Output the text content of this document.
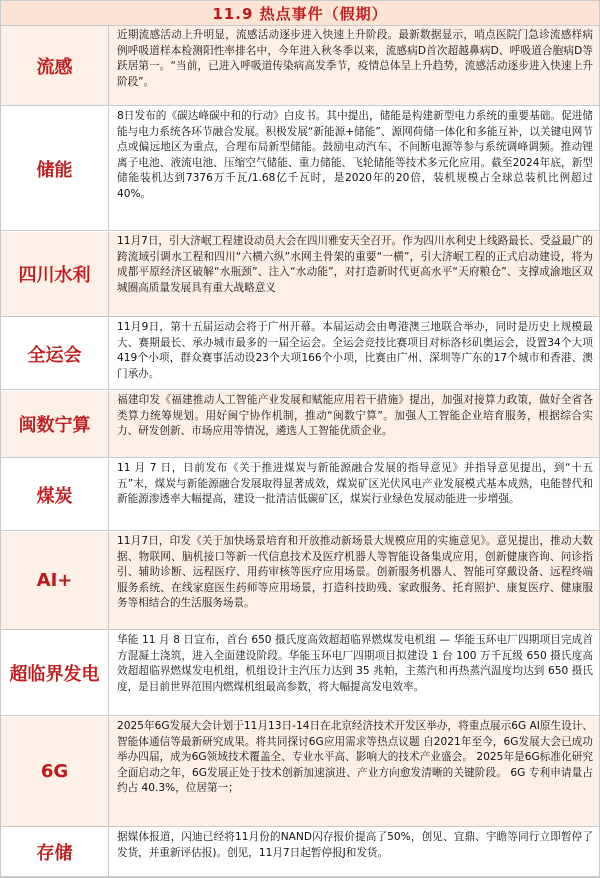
11.9 热点事件（假期）
流感
近期流感活动上升明显，流感活动逐步进入快速上升阶段。最新数据显示，哨点医院门急诊流感样病例呼吸道样本检测阳性率排名中，今年进入秋冬季以来，流感病D首次超越鼻病D、呼吸道合胞病D等跃居第一。“当前，已进入呼吸道传染病高发季节，疫情总体呈上升趋势，流感活动逐步进入快速上升阶段”。
储能
8日发布的《碳达峰碳中和的行动》白皮书。其中提出，储能是构建新型电力系统的重要基础。促进储能与电力系统各环节融合发展。积极发展“新能源+储能”、源网荷储一体化和多能互补，以关键电网节点或偏远地区为重点，合理布局新型储能。鼓励电动汽车、不间断电源等参与系统调峰调频。推动锂离子电池、液流电池、压缩空气储能、重力储能、飞轮储能等技术多元化应用。截至2024年底，新型储能装机达到7376万千瓦/1.68亿千瓦时，是2020年的20倍，装机规模占全球总装机比例超过40%。
四川水利
11月7日，引大济岷工程建设动员大会在四川雅安天全召开。作为四川水利史上线路最长、受益最广的跨流域引调水工程和四川“六横六纵”水网主骨架的重要“一横”，引大济岷工程的正式启动建设，将为成都平原经济区破解“水瓶颈”、注入“水动能”，对打造新时代更高水平“天府粮仓”、支撑成渝地区双城圈高质量发展具有重大战略意义
全运会
11月9日，第十五届运动会将于广州开幕。本届运动会由粤港澳三地联合举办，同时是历史上规模最大、赛期最长、承办城市最多的一届全运会。全运会竞技比赛项目对标洛杉矶奥运会，设置34个大项419个小项，群众赛事活动设23个大项166个小项，比赛由广州、深圳等广东的17个城市和香港、澳门承办。
闽数宁算
福建印发《福建推动人工智能产业发展和赋能应用若干措施》提出，加强对接算力政策，做好全省各类算力统筹规划。用好闽宁协作机制，推动“闽数宁算”。加强人工智能企业培育服务，根据综合实力、研发创新、市场应用等情况，遴选人工智能优质企业。
煤炭
11 月 7 日，日前发布《关于推进煤炭与新能源融合发展的指导意见》并指导意见提出，到“十五五”末，煤炭与新能源融合发展取得显著成效，煤炭矿区光伏风电产业发展模式基本成熟，电能替代和新能源渗透率大幅提高，建设一批清洁低碳矿区，煤炭行业绿色发展动能进一步增强。
AI+
11月7日，印发《关于加快场景培育和开放推动新场景大规模应用的实施意见》。意见提出，推动大数据、物联网、脑机接口等新一代信息技术及医疗机器人等智能设备集成应用，创新健康咨询、问诊指引、辅助诊断、远程医疗、用药审核等医疗应用场景。创新服务机器人、智能可穿戴设备、远程终端服务系统、在线家庭医生药师等应用场景，打造科技助残、家政服务、托育照护、康复医疗、健康服务等相结合的生活服务场景。
超临界发电
华能 11 月 8 日宣布，首台 650 摄氏度高效超超临界燃煤发电机组 — 华能玉环电厂四期项目完成首方混凝土浇筑，进入全面建设阶段。华能玉环电厂四期项目拟建设 1 台 100 万千瓦级 650 摄氏度高效超超临界燃煤发电机组，机组设计主汽压力达到 35 兆帕，主蒸汽和再热蒸汽温度均达到 650 摄氏度，是目前世界范围内燃煤机组最高参数，将大幅提高发电效率。
6G
2025年6G发展大会计划于11月13日-14日在北京经济技术开发区举办，将重点展示6G AI原生设计、智能体通信等最新研究成果。将共同探讨6G应用需求等热点议题 自2021年至今，6G发展大会已成功举办四届，成为6G领域技术覆盖全、专业水平高、影响大的技术产业盛会。 2025年是6G标准化研究全面启动之年，6G发展正处于技术创新加速演进、产业方向愈发清晰的关键阶段。 6G 专利申请量占约占 40.3%，位居第一；
存储
据媒体报道，闪迪已经将11月份的NAND闪存报价提高了50%，创见、宜鼎、宇瞻等同行立即暂停了发货，并重新评估报)。创见，11月7日起暂停报J和发货。
